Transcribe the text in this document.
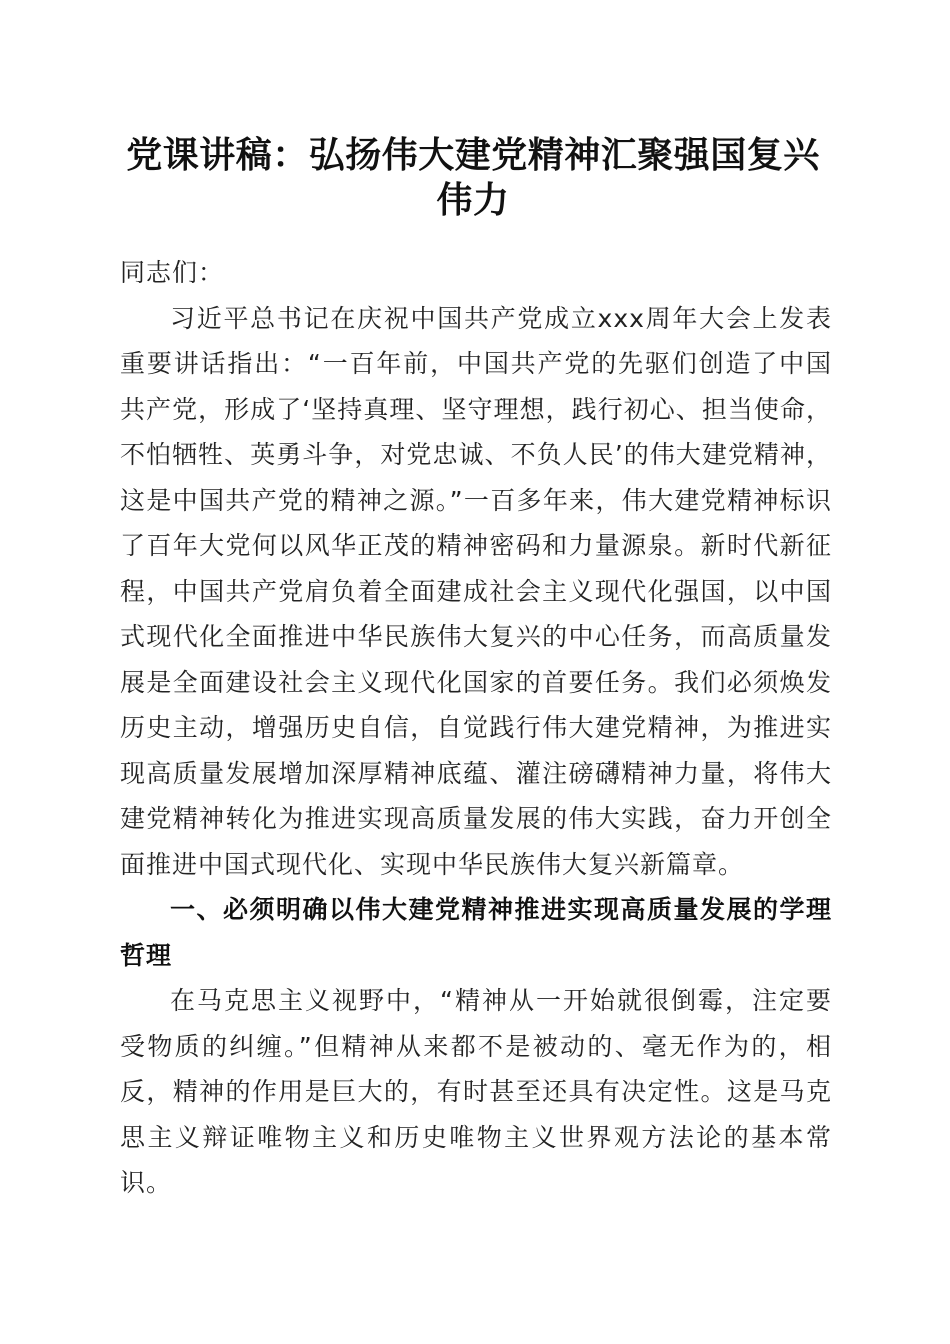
党课讲稿：弘扬伟大建党精神汇聚强国复兴伟力

同志们：

习近平总书记在庆祝中国共产党成立xxx周年大会上发表重要讲话指出：“一百年前，中国共产党的先驱们创造了中国共产党，形成了‘坚持真理、坚守理想，践行初心、担当使命，不怕牺牲、英勇斗争，对党忠诚、不负人民’的伟大建党精神，这是中国共产党的精神之源。”一百多年来，伟大建党精神标识了百年大党何以风华正茂的精神密码和力量源泉。新时代新征程，中国共产党肩负着全面建成社会主义现代化强国，以中国式现代化全面推进中华民族伟大复兴的中心任务，而高质量发展是全面建设社会主义现代化国家的首要任务。我们必须焕发历史主动，增强历史自信，自觉践行伟大建党精神，为推进实现高质量发展增加深厚精神底蕴、灌注磅礴精神力量，将伟大建党精神转化为推进实现高质量发展的伟大实践，奋力开创全面推进中国式现代化、实现中华民族伟大复兴新篇章。

一、必须明确以伟大建党精神推进实现高质量发展的学理哲理

在马克思主义视野中，“精神从一开始就很倒霉，注定要受物质的纠缠。”但精神从来都不是被动的、毫无作为的，相反，精神的作用是巨大的，有时甚至还具有决定性。这是马克思主义辩证唯物主义和历史唯物主义世界观方法论的基本常识。
